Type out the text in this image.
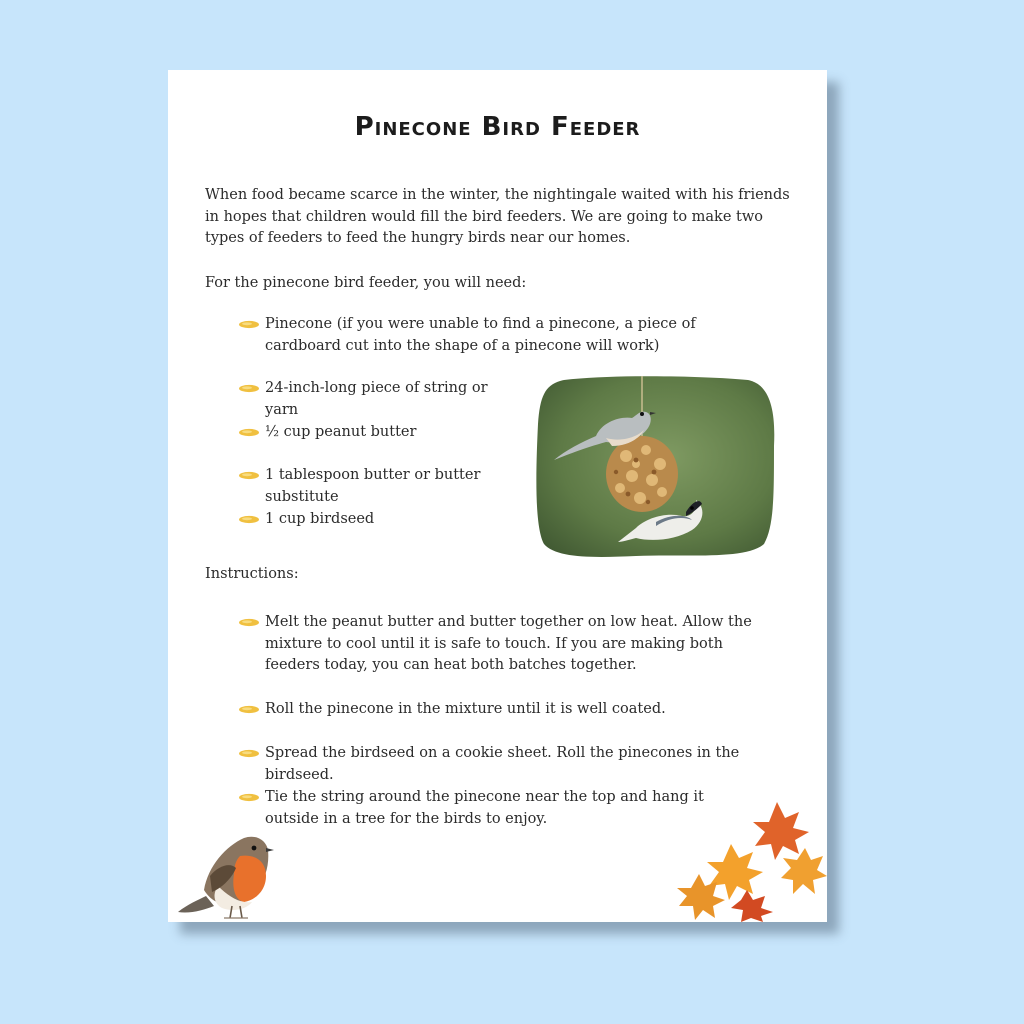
Pinecone Bird Feeder
When food became scarce in the winter, the nightingale waited with his friends in hopes that children would fill the bird feeders. We are going to make two types of feeders to feed the hungry birds near our homes.
For the pinecone bird feeder, you will need:
Pinecone (if you were unable to find a pinecone, a piece of cardboard cut into the shape of a pinecone will work)
24-inch-long piece of string or yarn
½ cup peanut butter
1 tablespoon butter or butter substitute
1 cup birdseed
Instructions:
Melt the peanut butter and butter together on low heat. Allow the mixture to cool until it is safe to touch. If you are making both feeders today, you can heat both batches together.
Roll the pinecone in the mixture until it is well coated.
Spread the birdseed on a cookie sheet. Roll the pinecones in the birdseed.
Tie the string around the pinecone near the top and hang it outside in a tree for the birds to enjoy.
